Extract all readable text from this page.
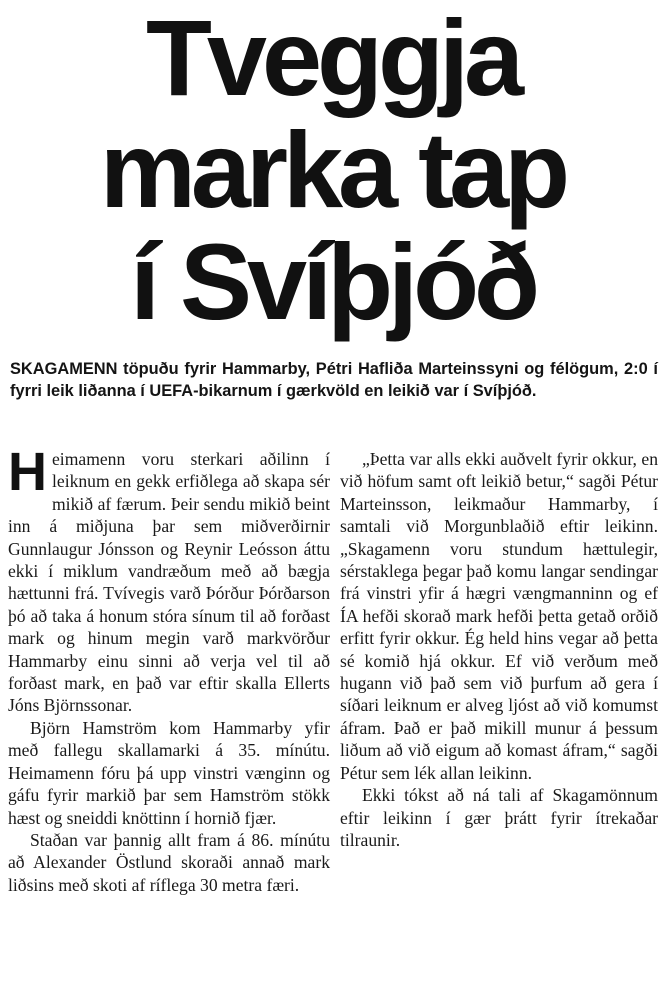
Tveggja
marka tap
í Svíþjóð

SKAGAMENN töpuðu fyrir Hammarby, Pétri Hafliða Marteinssyni og félögum, 2:0 í fyrri leik liðanna í UEFA-bikarnum í gærkvöld en leikið var í Svíþjóð.

Heimamenn voru sterkari aðilinn í leiknum en gekk erfiðlega að skapa sér mikið af færum. Þeir sendu mikið beint inn á miðjuna þar sem miðverðirnir Gunnlaugur Jónsson og Reynir Leósson áttu ekki í miklum vandræðum með að bægja hættunni frá. Tvívegis varð Þórður Þórðarson þó að taka á honum stóra sínum til að forðast mark og hinum megin varð markvörður Hammarby einu sinni að verja vel til að forðast mark, en það var eftir skalla Ellerts Jóns Björnssonar.

Björn Hamström kom Hammarby yfir með fallegu skallamarki á 35. mínútu. Heimamenn fóru þá upp vinstri vænginn og gáfu fyrir markið þar sem Hamström stökk hæst og sneiddi knöttinn í hornið fjær.

Staðan var þannig allt fram á 86. mínútu að Alexander Östlund skoraði annað mark liðsins með skoti af ríflega 30 metra færi.

„Þetta var alls ekki auðvelt fyrir okkur, en við höfum samt oft leikið betur,“ sagði Pétur Marteinsson, leikmaður Hammarby, í samtali við Morgunblaðið eftir leikinn. „Skagamenn voru stundum hættulegir, sérstaklega þegar það komu langar sendingar frá vinstri yfir á hægri vængmanninn og ef ÍA hefði skorað mark hefði þetta getað orðið erfitt fyrir okkur. Ég held hins vegar að þetta sé komið hjá okkur. Ef við verðum með hugann við það sem við þurfum að gera í síðari leiknum er alveg ljóst að við komumst áfram. Það er það mikill munur á þessum liðum að við eigum að komast áfram,“ sagði Pétur sem lék allan leikinn.

Ekki tókst að ná tali af Skagamönnum eftir leikinn í gær þrátt fyrir ítrekaðar tilraunir.
